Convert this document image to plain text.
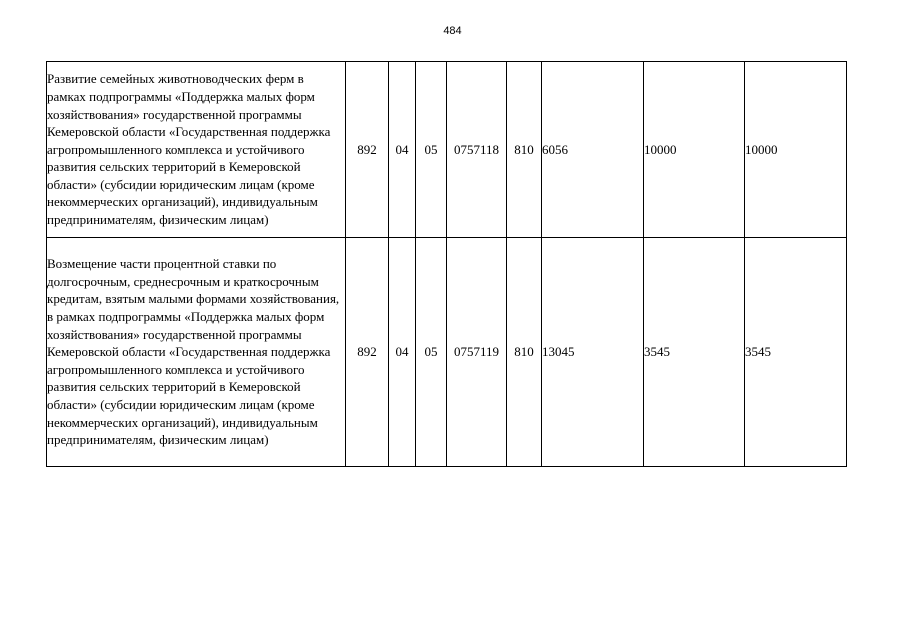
484
Развитие семейных животноводческих ферм в рамках подпрограммы «Поддержка малых форм хозяйствования» государственной программы Кемеровской области «Государственная поддержка агропромышленного комплекса и устойчивого развития сельских территорий в Кемеровской области» (субсидии юридическим лицам (кроме некоммерческих организаций), индивидуальным предпринимателям, физическим лицам)	892	04	05	0757118	810	6056	10000	10000
Возмещение части процентной ставки по долгосрочным, среднесрочным и краткосрочным кредитам, взятым малыми формами хозяйствования, в рамках подпрограммы «Поддержка малых форм хозяйствования» государственной программы Кемеровской области «Государственная поддержка агропромышленного комплекса и устойчивого развития сельских территорий в Кемеровской области» (субсидии юридическим лицам (кроме некоммерческих организаций), индивидуальным предпринимателям, физическим лицам)	892	04	05	0757119	810	13045	3545	3545
